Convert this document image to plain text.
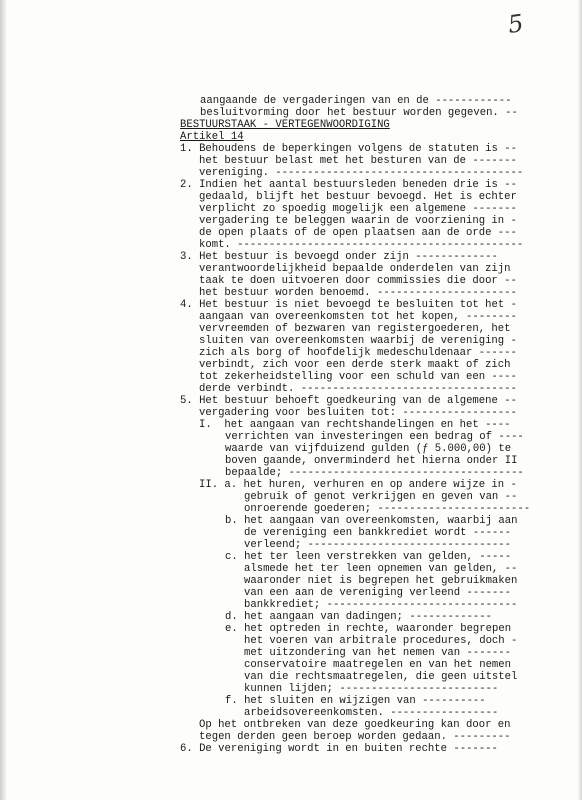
5
aangaande de vergaderingen van en de ------------
besluitvorming door het bestuur worden gegeven. --
BESTUURSTAAK - VERTEGENWOORDIGING
Artikel 14
1. Behoudens de beperkingen volgens de statuten is --
het bestuur belast met het besturen van de -------
vereniging. ---------------------------------------
2. Indien het aantal bestuursleden beneden drie is --
gedaald, blijft het bestuur bevoegd. Het is echter
verplicht zo spoedig mogelijk een algemene -------
vergadering te beleggen waarin de voorziening in -
de open plaats of de open plaatsen aan de orde ---
komt. ---------------------------------------------
3. Het bestuur is bevoegd onder zijn -------------
verantwoordelijkheid bepaalde onderdelen van zijn
taak te doen uitvoeren door commissies die door --
het bestuur worden benoemd. ----------------------
4. Het bestuur is niet bevoegd te besluiten tot het -
aangaan van overeenkomsten tot het kopen, --------
vervreemden of bezwaren van registergoederen, het
sluiten van overeenkomsten waarbij de vereniging -
zich als borg of hoofdelijk medeschuldenaar ------
verbindt, zich voor een derde sterk maakt of zich
tot zekerheidstelling voor een schuld van een ----
derde verbindt. ----------------------------------
5. Het bestuur behoeft goedkeuring van de algemene --
vergadering voor besluiten tot: ------------------
I.  het aangaan van rechtshandelingen en het ----
verrichten van investeringen een bedrag of ----
waarde van vijfduizend gulden (ƒ 5.000,00) te
boven gaande, onverminderd het hierna onder II
bepaalde; -------------------------------------
II. a. het huren, verhuren en op andere wijze in -
gebruik of genot verkrijgen en geven van --
onroerende goederen; ------------------------
b. het aangaan van overeenkomsten, waarbij aan
de vereniging een bankkrediet wordt ------
verleend; --------------------------------
c. het ter leen verstrekken van gelden, -----
alsmede het ter leen opnemen van gelden, --
waaronder niet is begrepen het gebruikmaken
van een aan de vereniging verleend -------
bankkrediet; ------------------------------
d. het aangaan van dadingen; -------------
e. het optreden in rechte, waaronder begrepen
het voeren van arbitrale procedures, doch -
met uitzondering van het nemen van -------
conservatoire maatregelen en van het nemen
van die rechtsmaatregelen, die geen uitstel
kunnen lijden; -------------------------
f. het sluiten en wijzigen van ----------
arbeidsovereenkomsten. -----------------
Op het ontbreken van deze goedkeuring kan door en
tegen derden geen beroep worden gedaan. ---------
6. De vereniging wordt in en buiten rechte -------
